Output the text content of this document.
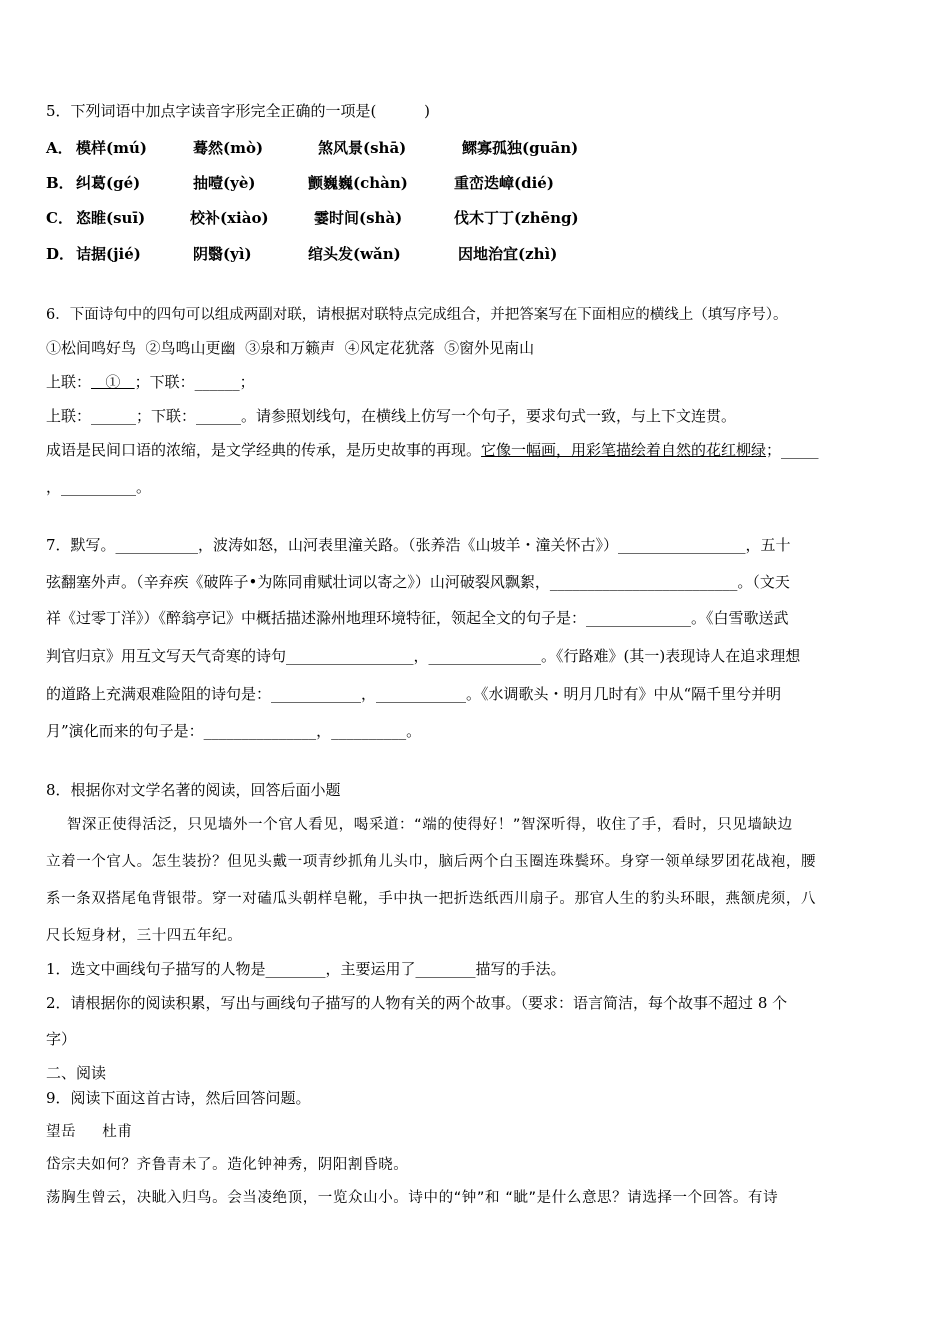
5．下列词语中加点字读音字形完全正确的一项是(          )
A． 模样(mú)	蓦然(mò)	煞风景(shā)	鳏寡孤独(guān)
B． 纠葛(gé)	抽噎(yè)	颤巍巍(chàn)	重峦迭嶂(dié)
C． 恣睢(suī)	校补(xiào)	霎时间(shà)	伐木丁丁(zhēng)
D． 诘据(jié)	阴翳(yì)	绾头发(wǎn)	因地治宜(zhì)
6．下面诗句中的四句可以组成两副对联，请根据对联特点完成组合，并把答案写在下面相应的横线上（填写序号）。
①松间鸣好鸟  ②鸟鸣山更幽  ③泉和万籁声  ④风定花犹落  ⑤窗外见南山
上联：   ①   ；下联：______；
上联：______；下联：______。请参照划线句，在横线上仿写一个句子，要求句式一致，与上下文连贯。
成语是民间口语的浓缩，是文学经典的传承，是历史故事的再现。它像一幅画，用彩笔描绘着自然的花红柳绿；_____
，__________。
7．默写。___________，波涛如怒，山河表里潼关路。（张养浩《山坡羊・潼关怀古》）_________________，五十
弦翻塞外声。（辛弃疾《破阵子•为陈同甫赋壮词以寄之》）山河破裂风飘絮，_________________________。（文天
祥《过零丁洋》）《醉翁亭记》中概括描述滁州地理环境特征，领起全文的句子是：______________。《白雪歌送武
判官归京》用互文写天气奇寒的诗句_________________，_______________。《行路难》(其一)表现诗人在追求理想
的道路上充满艰难险阻的诗句是：____________，____________。《水调歌头・明月几时有》中从“隔千里兮并明
月”演化而来的句子是：_______________，__________。
8．根据你对文学名著的阅读，回答后面小题
智深正使得活泛，只见墙外一个官人看见，喝采道：“端的使得好！”智深听得，收住了手，看时，只见墙缺边
立着一个官人。怎生装扮？但见头戴一项青纱抓角儿头巾，脑后两个白玉圈连珠鬓环。身穿一领单绿罗团花战袍，腰
系一条双搭尾龟背银带。穿一对磕瓜头朝样皂靴，手中执一把折迭纸西川扇子。那官人生的豹头环眼，燕颔虎须，八
尺长短身材，三十四五年纪。
1．选文中画线句子描写的人物是________，主要运用了________描写的手法。
2．请根据你的阅读积累，写出与画线句子描写的人物有关的两个故事。（要求：语言简洁，每个故事不超过 8 个
字）
二、阅读
9．阅读下面这首古诗，然后回答问题。
望岳     杜甫
岱宗夫如何？齐鲁青未了。造化钟神秀，阴阳割昏晓。
荡胸生曾云，决眦入归鸟。会当凌绝顶，一览众山小。诗中的“钟”和 “眦”是什么意思？请选择一个回答。有诗
